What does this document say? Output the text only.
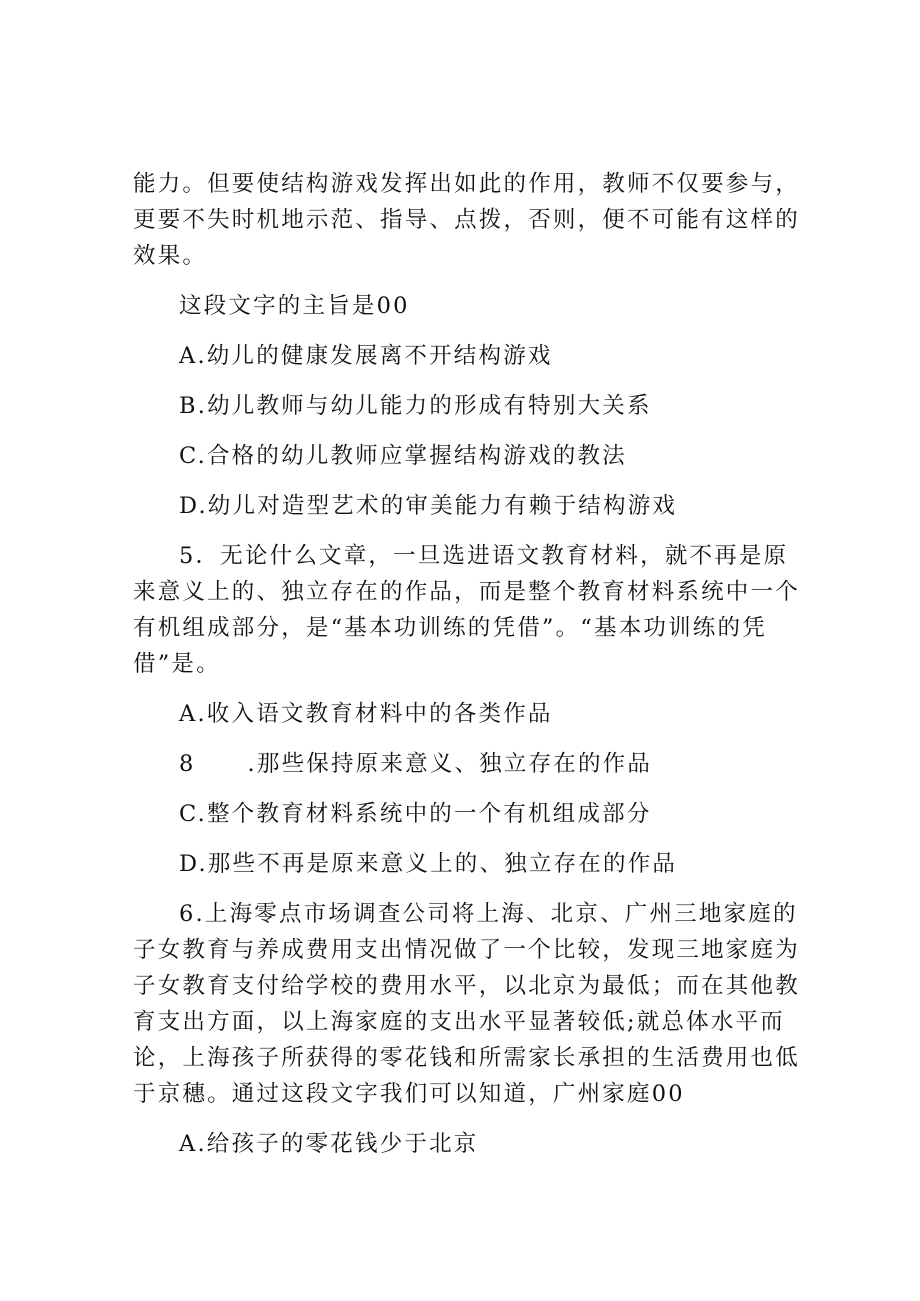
能力。但要使结构游戏发挥出如此的作用，教师不仅要参与，更要不失时机地示范、指导、点拨，否则，便不可能有这样的效果。

这段文字的主旨是00

A.幼儿的健康发展离不开结构游戏

B.幼儿教师与幼儿能力的形成有特别大关系

C.合格的幼儿教师应掌握结构游戏的教法

D.幼儿对造型艺术的审美能力有赖于结构游戏

5．无论什么文章，一旦选进语文教育材料，就不再是原来意义上的、独立存在的作品，而是整个教育材料系统中一个有机组成部分，是“基本功训练的凭借”。“基本功训练的凭借”是。

A.收入语文教育材料中的各类作品

8 .那些保持原来意义、独立存在的作品

C.整个教育材料系统中的一个有机组成部分

D.那些不再是原来意义上的、独立存在的作品

6.上海零点市场调查公司将上海、北京、广州三地家庭的子女教育与养成费用支出情况做了一个比较，发现三地家庭为子女教育支付给学校的费用水平，以北京为最低；而在其他教育支出方面，以上海家庭的支出水平显著较低;就总体水平而论，上海孩子所获得的零花钱和所需家长承担的生活费用也低于京穗。通过这段文字我们可以知道，广州家庭00

A.给孩子的零花钱少于北京
